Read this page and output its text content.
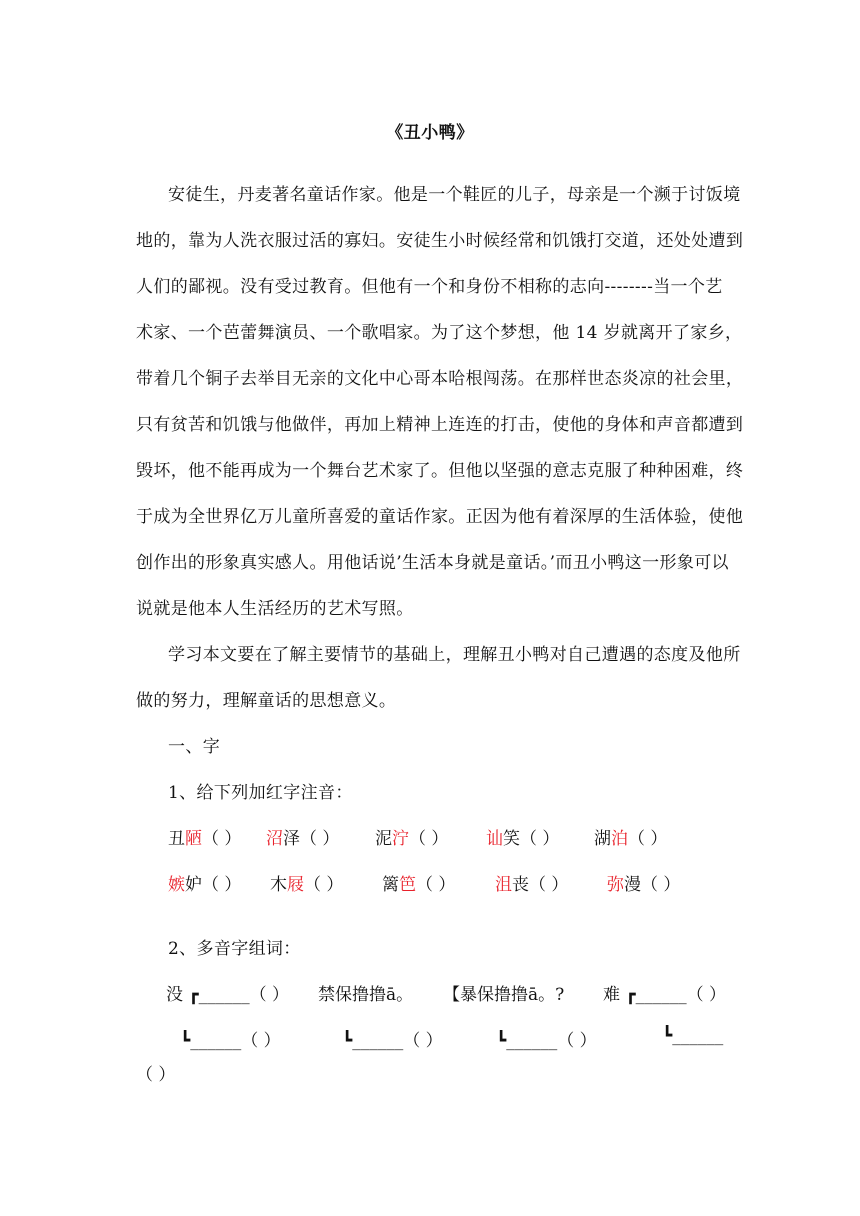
《丑小鸭》
安徒生，丹麦著名童话作家。他是一个鞋匠的儿子，母亲是一个濒于讨饭境
地的，靠为人洗衣服过活的寡妇。安徒生小时候经常和饥饿打交道，还处处遭到
人们的鄙视。没有受过教育。但他有一个和身份不相称的志向--------当一个艺
术家、一个芭蕾舞演员、一个歌唱家。为了这个梦想，他 14 岁就离开了家乡，
带着几个铜子去举目无亲的文化中心哥本哈根闯荡。在那样世态炎凉的社会里，
只有贫苦和饥饿与他做伴，再加上精神上连连的打击，使他的身体和声音都遭到
毁坏，他不能再成为一个舞台艺术家了。但他以坚强的意志克服了种种困难，终
于成为全世界亿万儿童所喜爱的童话作家。正因为他有着深厚的生活体验，使他
创作出的形象真实感人。用他话说’生活本身就是童话。’而丑小鸭这一形象可以
说就是他本人生活经历的艺术写照。
学习本文要在了解主要情节的基础上，理解丑小鸭对自己遭遇的态度及他所
做的努力，理解童话的思想意义。
一、字
1、给下列加红字注音：
丑陋（ ） 沼泽（ ） 泥泞（ ） 讪笑（ ） 湖泊（ ）
嫉妒（ ） 木屐（ ） 篱笆（ ） 沮丧（ ） 弥漫（ ）
2、多音字组词：
没 ┏______（ ） 禁保撸撸ā。 【暴保撸撸ā。? 难 ┏______（ ）
┗______（ ）	┗______（ ）	┗______（ ）	┗______
（ ）
